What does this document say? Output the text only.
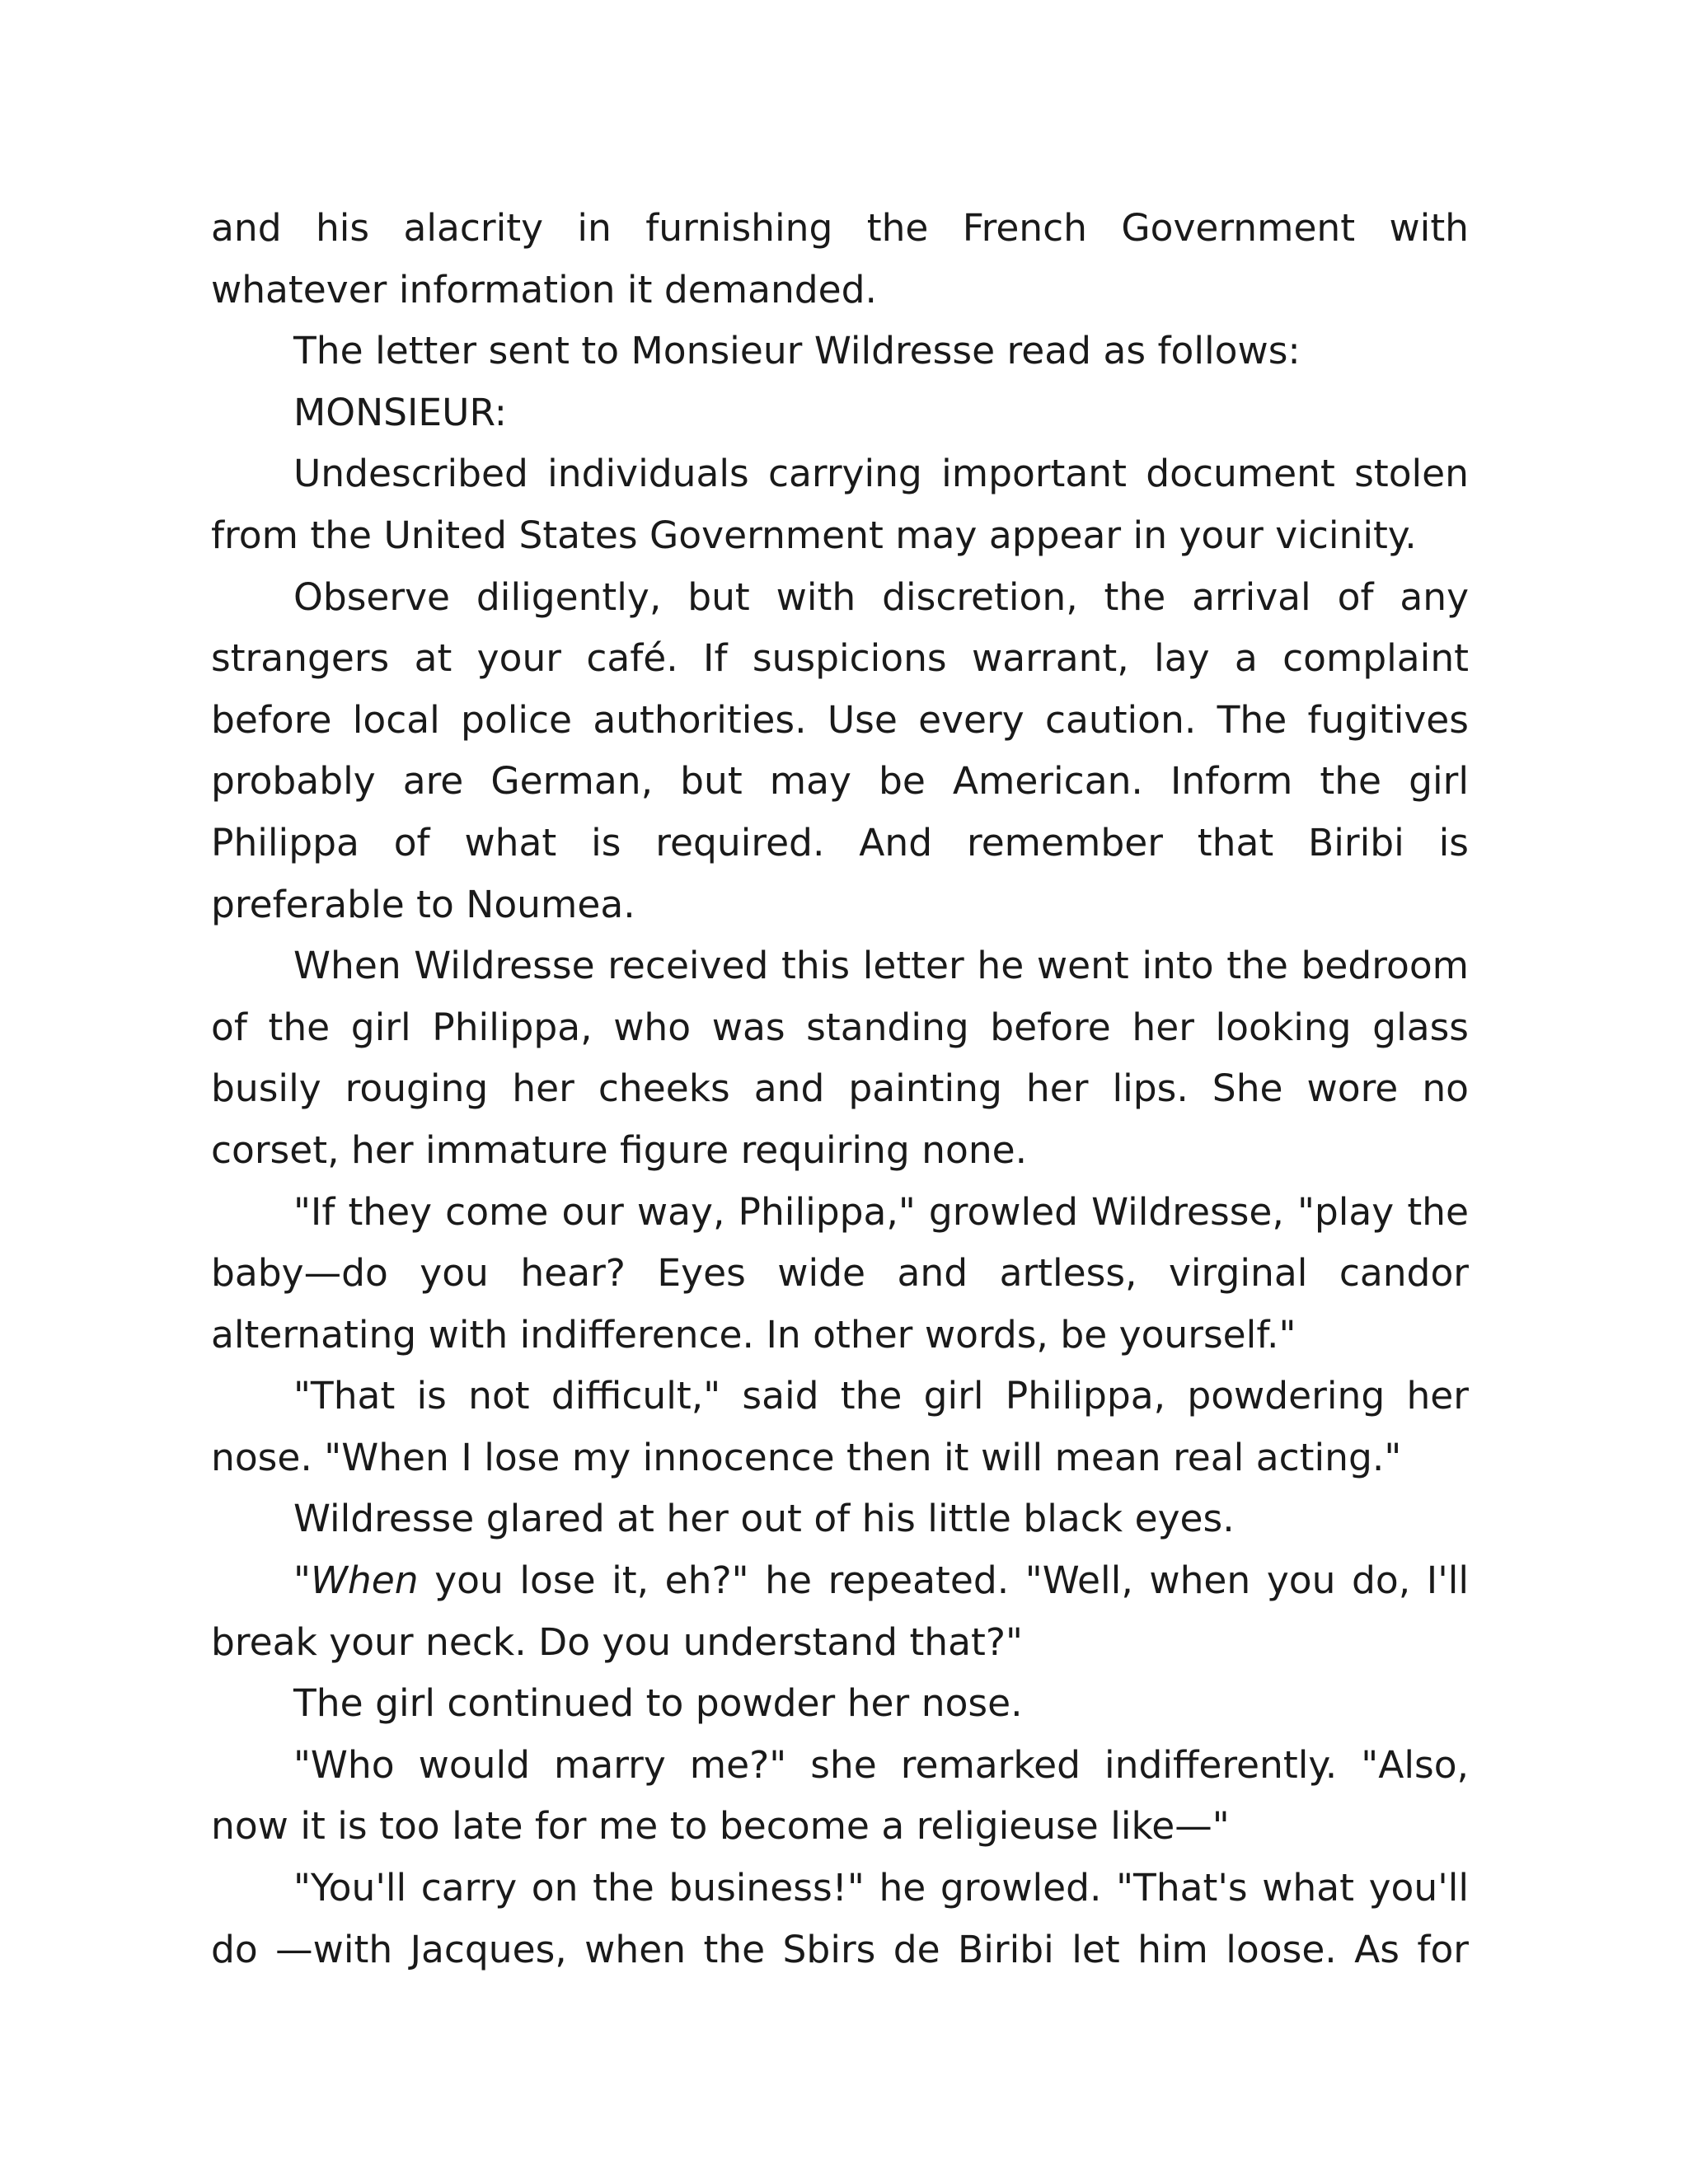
and his alacrity in furnishing the French Government with whatever information it demanded.

The letter sent to Monsieur Wildresse read as follows:

MONSIEUR:

Undescribed individuals carrying important document stolen from the United States Government may appear in your vicinity.

Observe diligently, but with discretion, the arrival of any strangers at your café. If suspicions warrant, lay a complaint before local police authorities. Use every caution. The fugitives probably are German, but may be American. Inform the girl Philippa of what is required. And remember that Biribi is preferable to Noumea.

When Wildresse received this letter he went into the bedroom of the girl Philippa, who was standing before her looking glass busily rouging her cheeks and painting her lips. She wore no corset, her immature figure requiring none.

"If they come our way, Philippa," growled Wildresse, "play the baby—do you hear? Eyes wide and artless, virginal candor alternating with indifference. In other words, be yourself."

"That is not difficult," said the girl Philippa, powdering her nose. "When I lose my innocence then it will mean real acting."

Wildresse glared at her out of his little black eyes.

"When you lose it, eh?" he repeated. "Well, when you do, I'll break your neck. Do you understand that?"

The girl continued to powder her nose.

"Who would marry me?" she remarked indifferently. "Also, now it is too late for me to become a religieuse like—"

"You'll carry on the business!" he growled. "That's what you'll do —with Jacques, when the Sbirs de Biribi let him loose. As for
